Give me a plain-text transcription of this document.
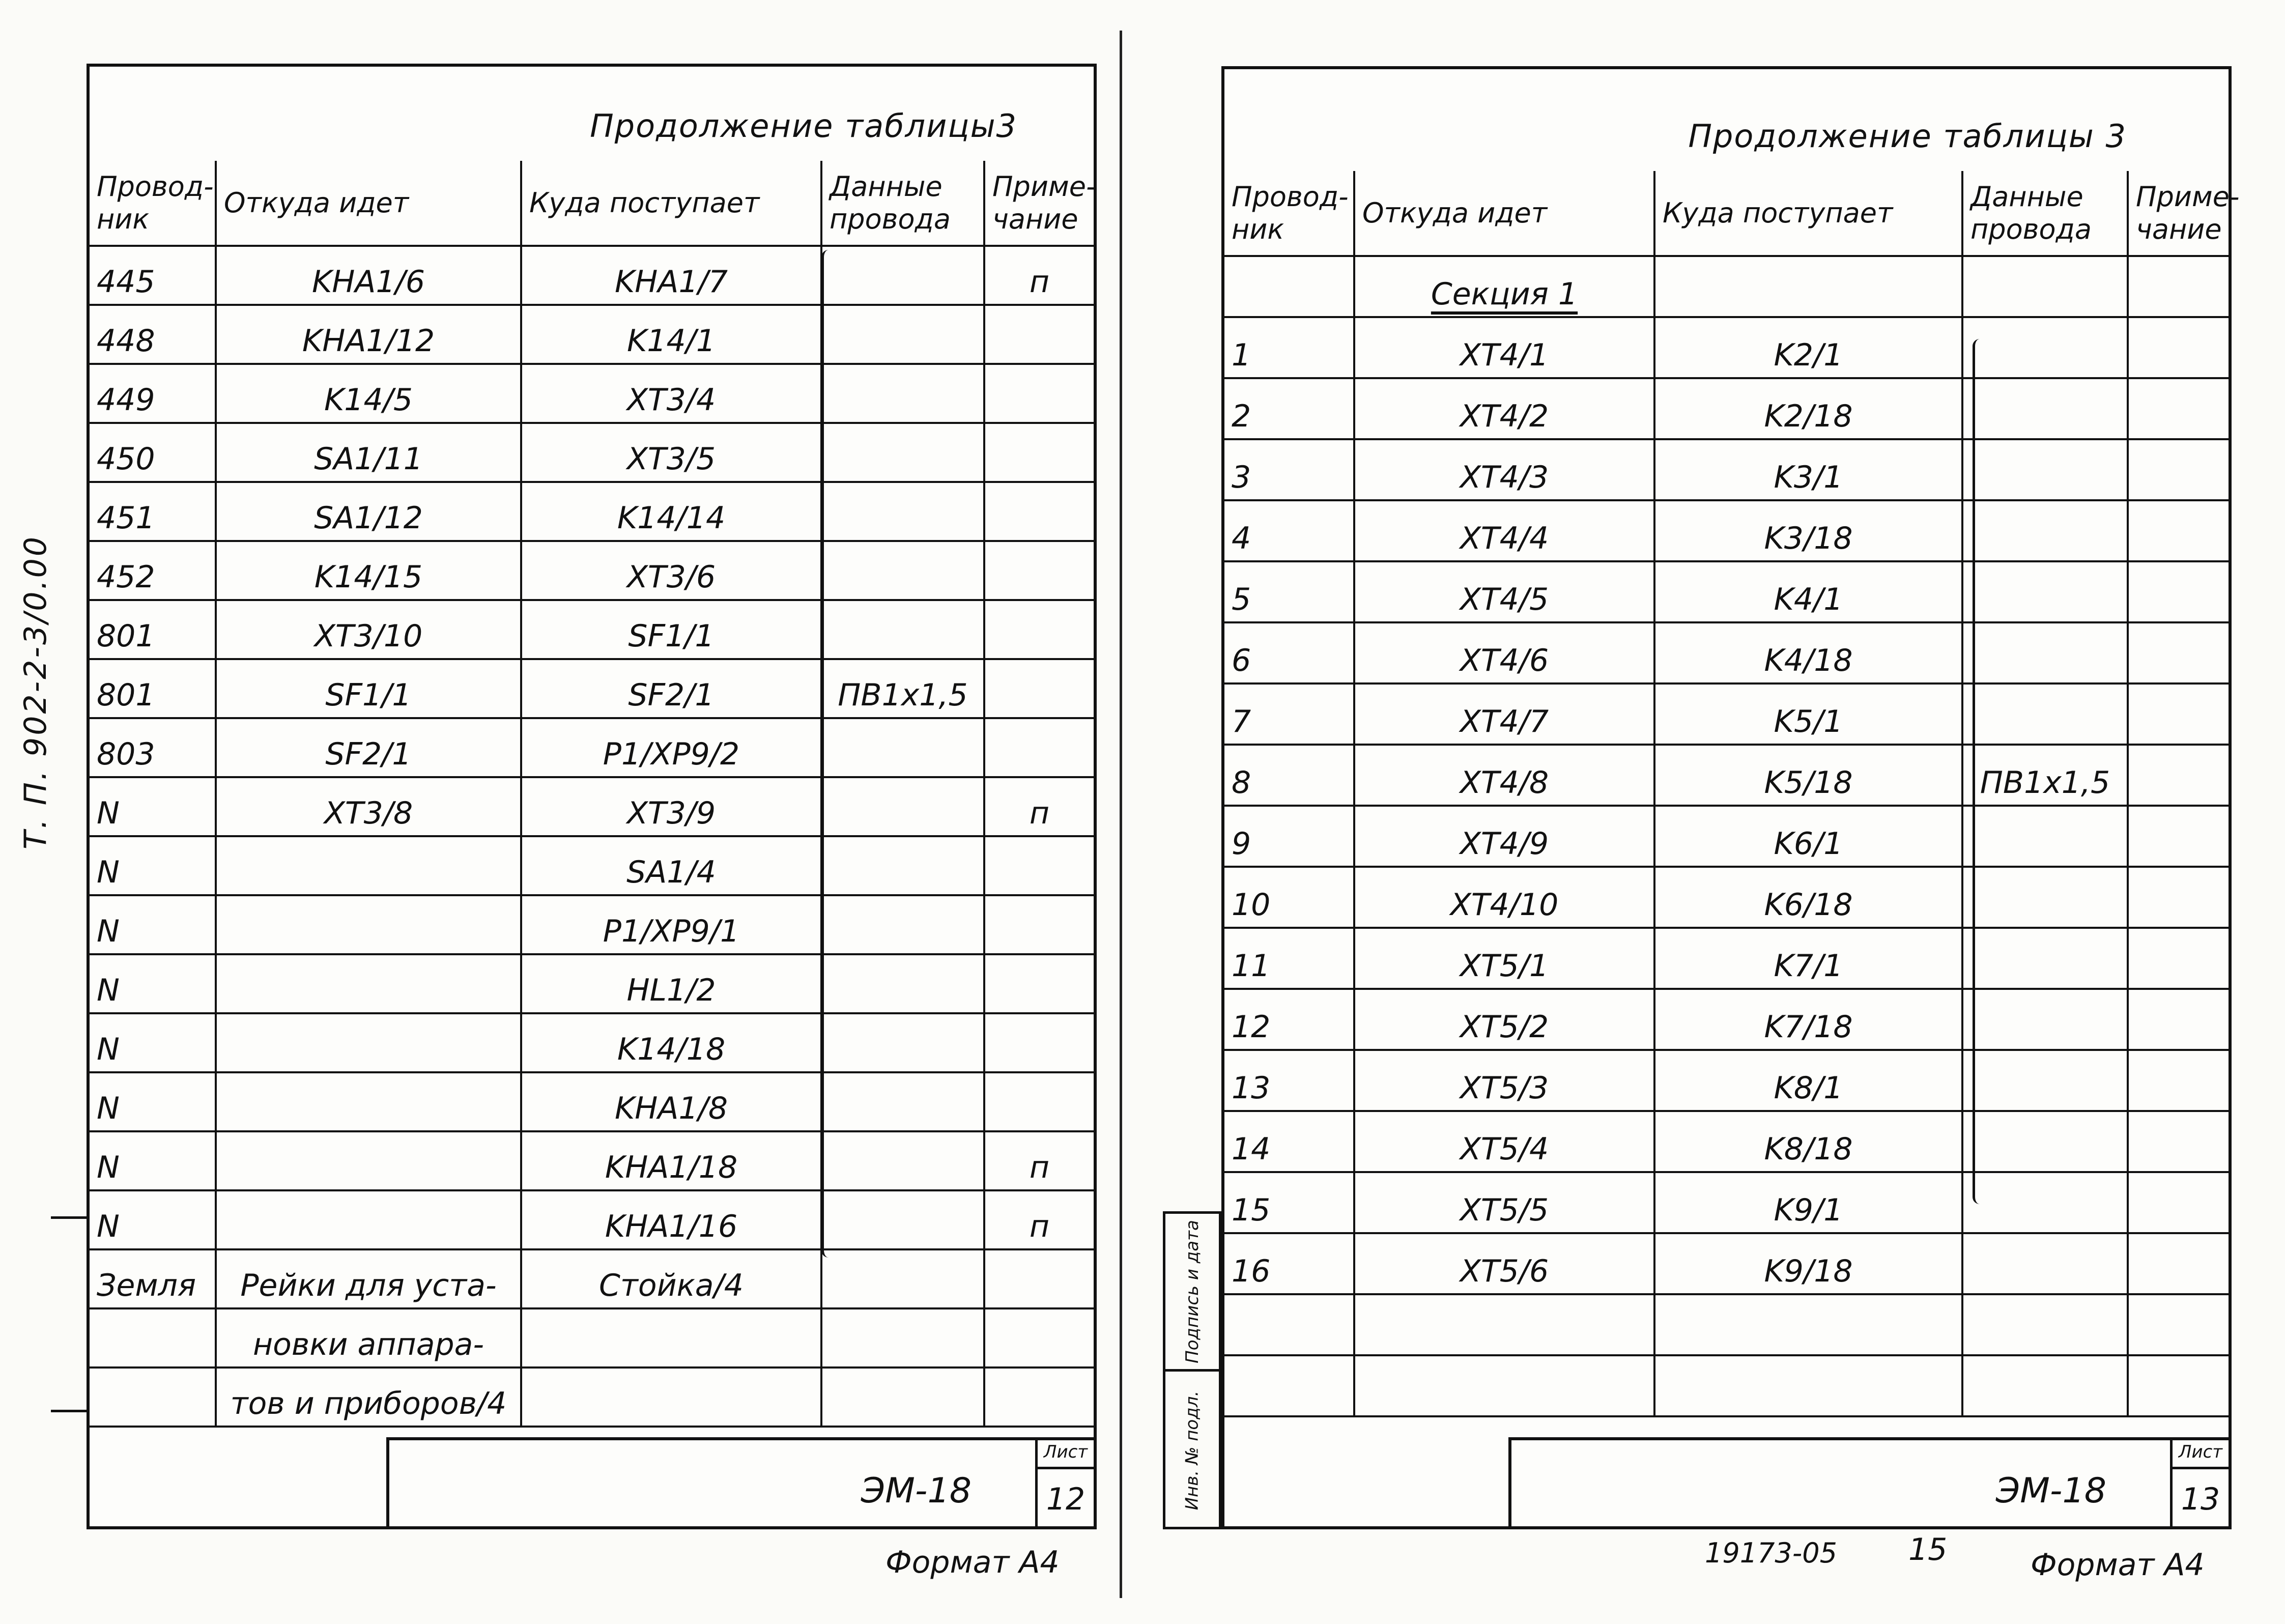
Т. П. 902-2-3/0.00
Продолжение таблицы3
Провод-ник	Откуда идет	Куда поступает	Данные провода	Приме-чание
445	KHA1/6	KHA1/7		п
448	KHA1/12	K14/1		
449	K14/5	XT3/4		
450	SA1/11	XT3/5		
451	SA1/12	K14/14		
452	K14/15	XT3/6		
801	XT3/10	SF1/1		
801	SF1/1	SF2/1	ПВ1х1,5	
803	SF2/1	P1/XP9/2		
N	XT3/8	XT3/9		п
N		SA1/4		
N		P1/XP9/1		
N		HL1/2		
N		K14/18		
N		KHA1/8		
N		KHA1/18		п
N		KHA1/16		п
Земля	Рейки для уста-	Стойка/4		
	новки аппара-			
	тов и приборов/4			
ЭМ-18
Лист
12
Формат А4
Продолжение таблицы 3
Провод-ник	Откуда идет	Куда поступает	Данные провода	Приме-чание
	Секция 1			
1	XT4/1	K2/1		
2	XT4/2	K2/18		
3	XT4/3	K3/1		
4	XT4/4	K3/18		
5	XT4/5	K4/1		
6	XT4/6	K4/18		
7	XT4/7	K5/1		
8	XT4/8	K5/18	ПВ1х1,5	
9	XT4/9	K6/1		
10	XT4/10	K6/18		
11	XT5/1	K7/1		
12	XT5/2	K7/18		
13	XT5/3	K8/1		
14	XT5/4	K8/18		
15	XT5/5	K9/1		
16	XT5/6	K9/18		

ЭМ-18
Лист
13
Подпись и дата
Инв. № подл.
19173-05 15	Формат А4
